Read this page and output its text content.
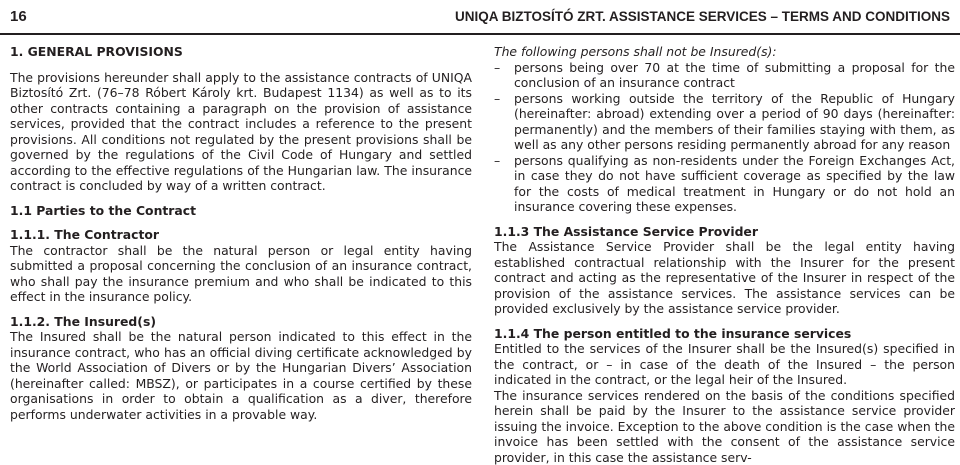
16	UNIQA BIZTOSÍTÓ ZRT. ASSISTANCE SERVICES – TERMS AND CONDITIONS

1. GENERAL PROVISIONS

The provisions hereunder shall apply to the assistance contracts of UNIQA Biztosító Zrt. (76–78 Róbert Károly krt. Budapest 1134) as well as to its other contracts containing a paragraph on the provision of assistance services, provided that the contract includes a reference to the present provisions. All conditions not regulated by the present provisions shall be governed by the regulations of the Civil Code of Hungary and settled according to the effective regulations of the Hungarian law. The insurance contract is concluded by way of a written contract.

1.1 Parties to the Contract

1.1.1. The Contractor

The contractor shall be the natural person or legal entity having submitted a proposal concerning the conclusion of an insurance contract, who shall pay the insurance premium and who shall be indicated to this effect in the insurance policy.

1.1.2. The Insured(s)

The Insured shall be the natural person indicated to this effect in the insurance contract, who has an official diving certificate acknowledged by the World Association of Divers or by the Hungarian Divers’ Association (hereinafter called: MBSZ), or participates in a course certified by these organisations in order to obtain a qualification as a diver, therefore performs underwater activities in a provable way.

The following persons shall not be Insured(s):

– persons being over 70 at the time of submitting a proposal for the conclusion of an insurance contract
– persons working outside the territory of the Republic of Hungary (hereinafter: abroad) extending over a period of 90 days (hereinafter: permanently) and the members of their families staying with them, as well as any other persons residing permanently abroad for any reason
– persons qualifying as non-residents under the Foreign Exchanges Act, in case they do not have sufficient coverage as specified by the law for the costs of medical treatment in Hungary or do not hold an insurance covering these expenses.

1.1.3 The Assistance Service Provider

The Assistance Service Provider shall be the legal entity having established contractual relationship with the Insurer for the present contract and acting as the representative of the Insurer in respect of the provision of the assistance services. The assistance services can be provided exclusively by the assistance service provider.

1.1.4 The person entitled to the insurance services

Entitled to the services of the Insurer shall be the Insured(s) specified in the contract, or – in case of the death of the Insured – the person indicated in the contract, or the legal heir of the Insured.

The insurance services rendered on the basis of the conditions specified herein shall be paid by the Insurer to the assistance service provider issuing the invoice. Exception to the above condition is the case when the invoice has been settled with the consent of the assistance service provider, in this case the assistance serv-
